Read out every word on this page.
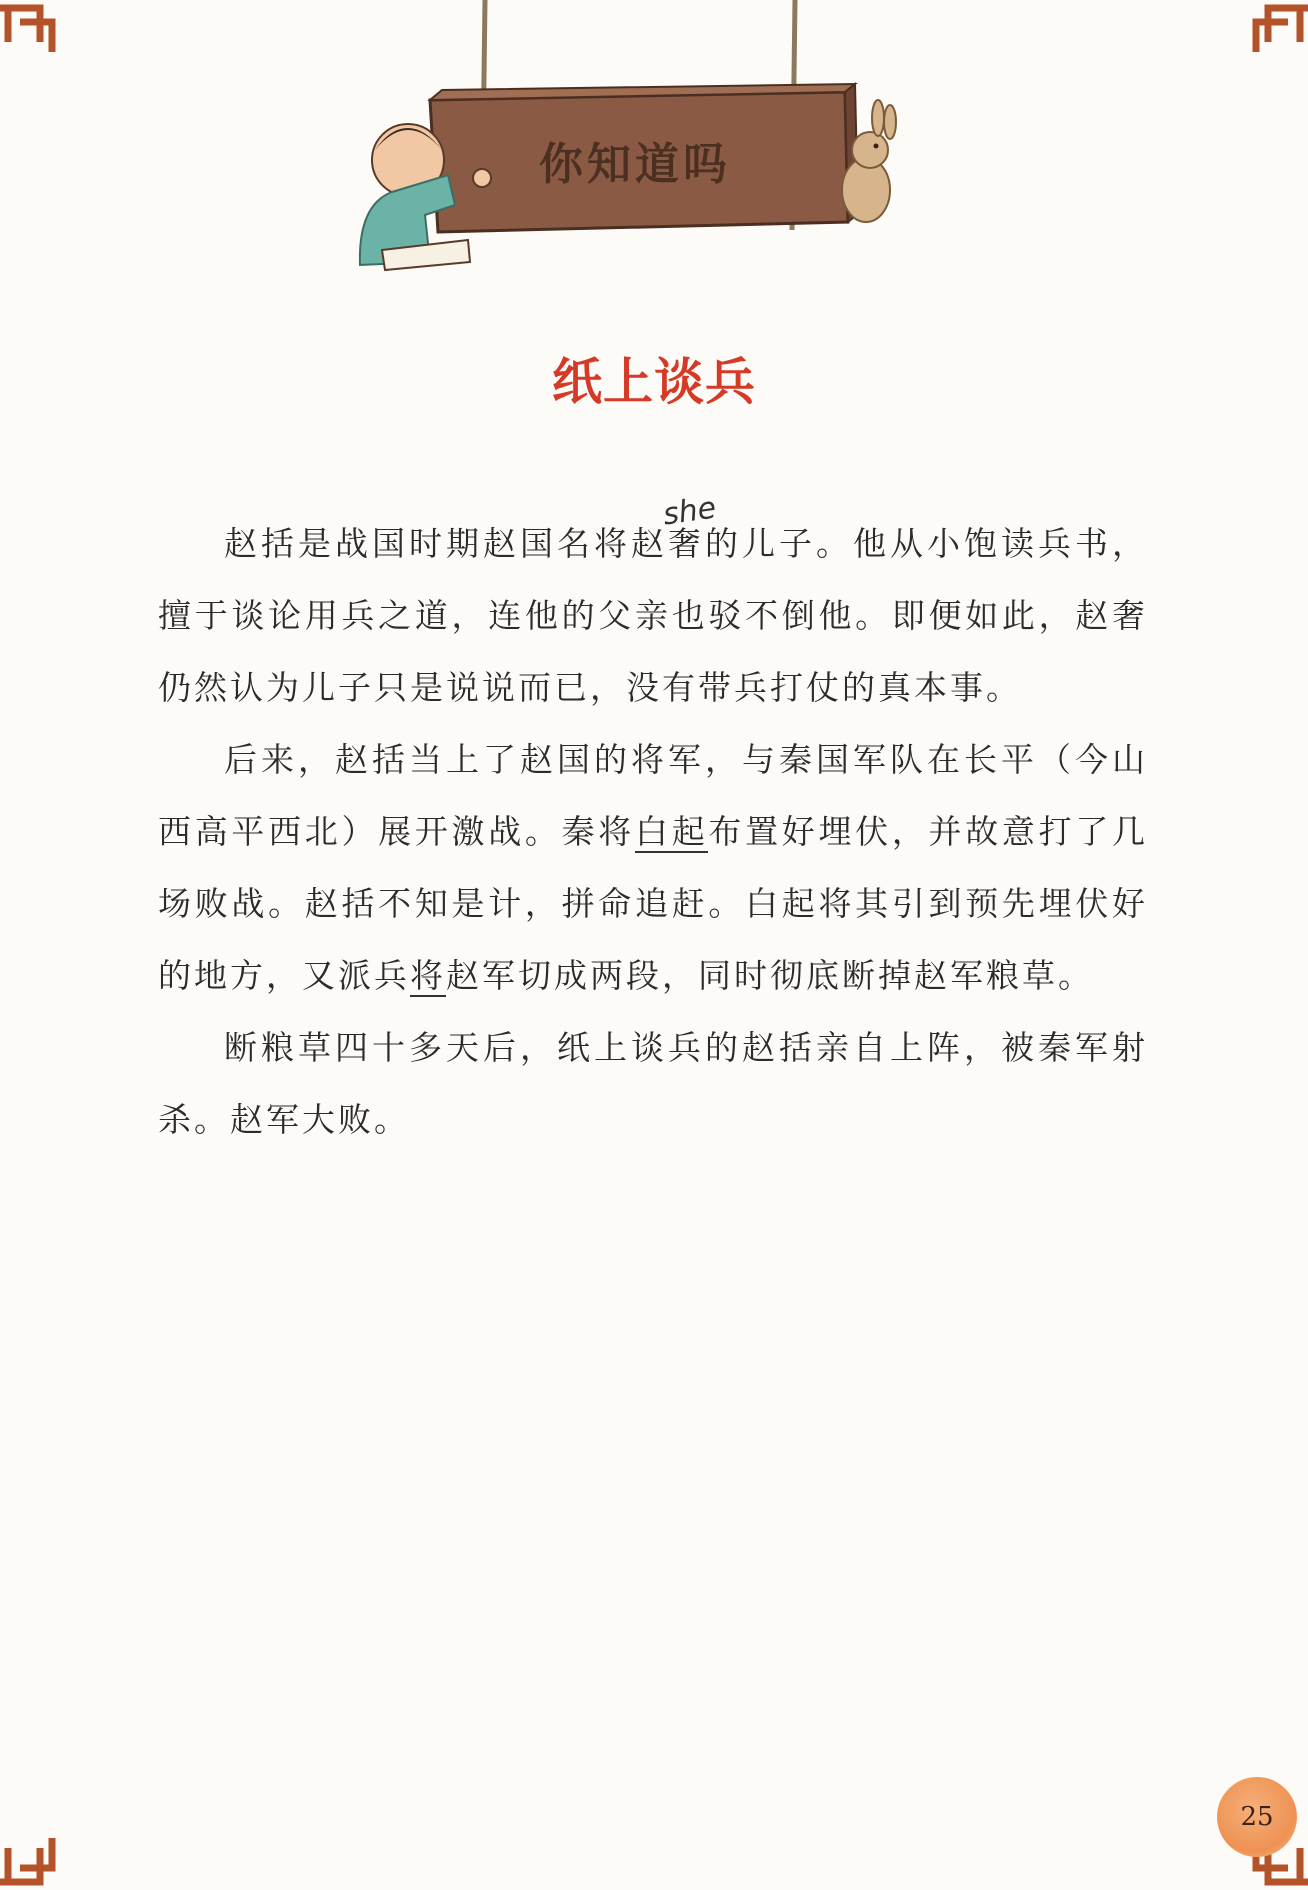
你知道吗
纸上谈兵
she

赵括是战国时期赵国名将赵奢的儿子。他从小饱读兵书，擅于谈论用兵之道，连他的父亲也驳不倒他。即便如此，赵奢仍然认为儿子只是说说而已，没有带兵打仗的真本事。

后来，赵括当上了赵国的将军，与秦国军队在长平（今山西高平西北）展开激战。秦将白起布置好埋伏，并故意打了几场败战。赵括不知是计，拼命追赶。白起将其引到预先埋伏好的地方，又派兵将赵军切成两段，同时彻底断掉赵军粮草。

断粮草四十多天后，纸上谈兵的赵括亲自上阵，被秦军射杀。赵军大败。

25
